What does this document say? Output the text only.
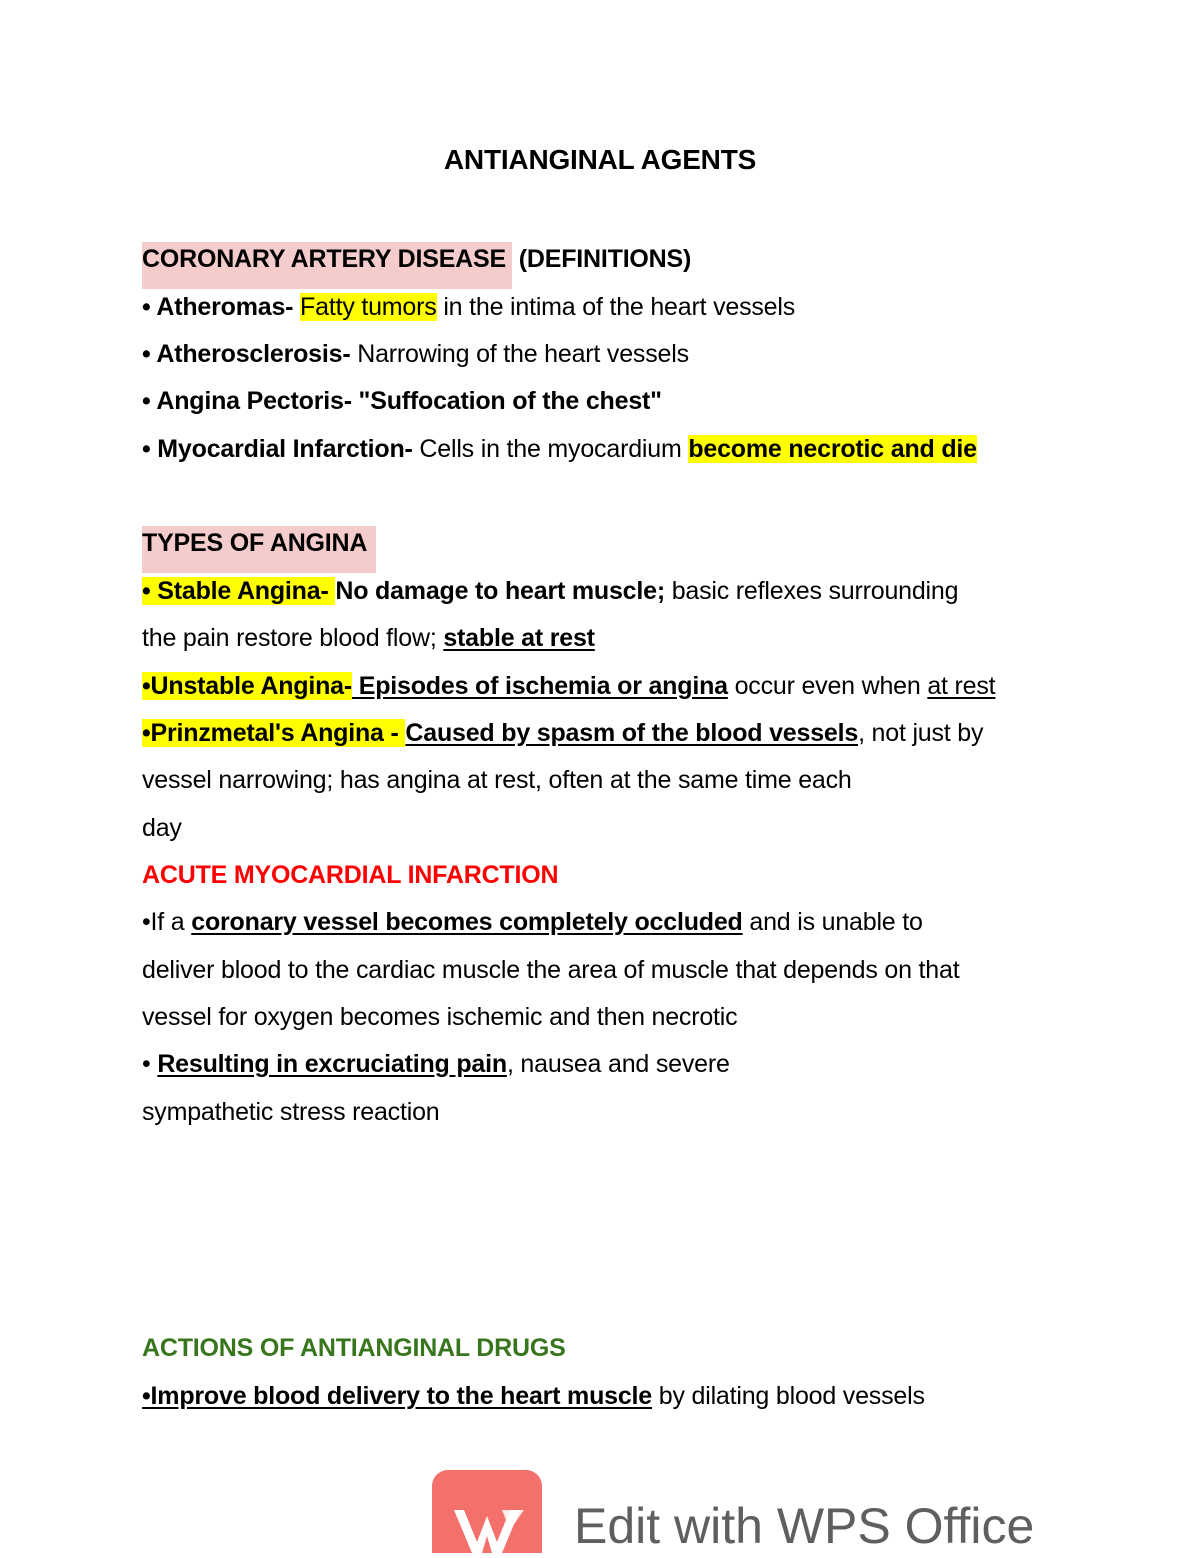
ANTIANGINAL AGENTS
CORONARY ARTERY DISEASE (DEFINITIONS)
• Atheromas- Fatty tumors in the intima of the heart vessels
• Atherosclerosis- Narrowing of the heart vessels
• Angina Pectoris- "Suffocation of the chest"
• Myocardial Infarction- Cells in the myocardium become necrotic and die
TYPES OF ANGINA
• Stable Angina- No damage to heart muscle; basic reflexes surrounding
the pain restore blood flow; stable at rest
•Unstable Angina- Episodes of ischemia or angina occur even when at rest
•Prinzmetal's Angina - Caused by spasm of the blood vessels, not just by
vessel narrowing; has angina at rest, often at the same time each
day
ACUTE MYOCARDIAL INFARCTION
•If a coronary vessel becomes completely occluded and is unable to
deliver blood to the cardiac muscle the area of muscle that depends on that
vessel for oxygen becomes ischemic and then necrotic
• Resulting in excruciating pain, nausea and severe
sympathetic stress reaction
ACTIONS OF ANTIANGINAL DRUGS
•Improve blood delivery to the heart muscle by dilating blood vessels
Edit with WPS Office
